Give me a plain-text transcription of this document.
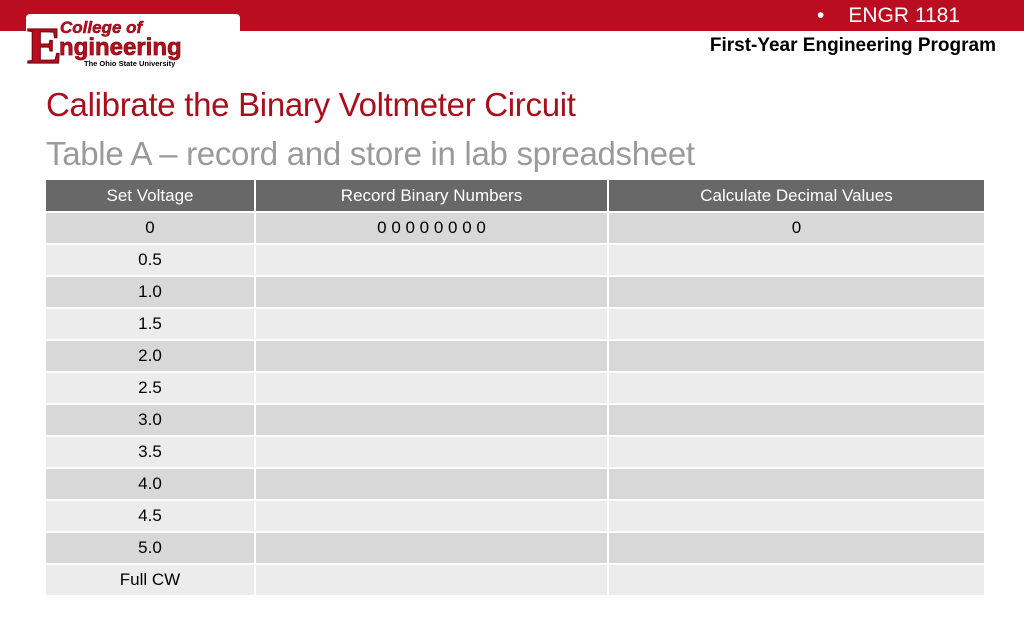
• ENGR 1181
First-Year Engineering Program
E
College of
ngineering
The Ohio State University
Calibrate the Binary Voltmeter Circuit
Table A – record and store in lab spreadsheet
Set Voltage	Record Binary Numbers	Calculate Decimal Values
0	0 0 0 0 0 0 0 0	0
0.5		
1.0		
1.5		
2.0		
2.5		
3.0		
3.5		
4.0		
4.5		
5.0		
Full CW		
